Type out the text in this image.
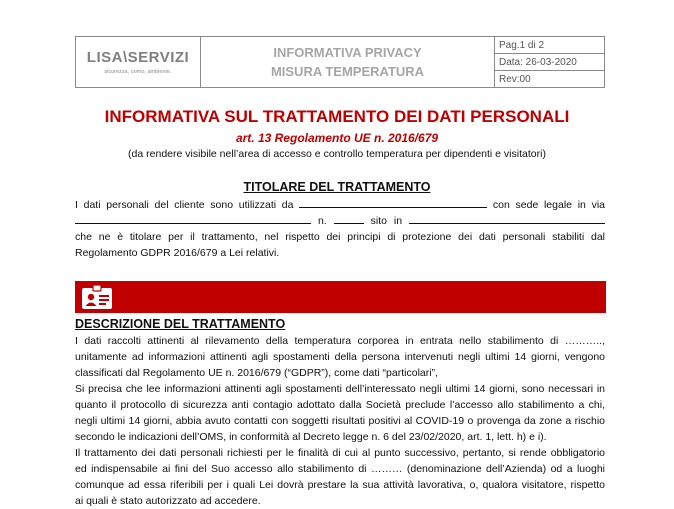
LISA\SERVIZI
sicurezza, uomo, ambiente.
INFORMATIVA PRIVACY
MISURA TEMPERATURA
Pag.1 di 2
Data: 26-03-2020
Rev:00
INFORMATIVA SUL TRATTAMENTO DEI DATI PERSONALI
art. 13 Regolamento UE n. 2016/679
(da rendere visibile nell’area di accesso e controllo temperatura per dipendenti e visitatori)
TITOLARE DEL TRATTAMENTO
I dati personali del cliente sono utilizzati da	con sede legale in via
n.	sito in
che ne è titolare per il trattamento, nel rispetto dei principi di protezione dei dati personali stabiliti dal
Regolamento GDPR 2016/679 a Lei relativi.
DESCRIZIONE DEL TRATTAMENTO
I dati raccolti attinenti al rilevamento della temperatura corporea in entrata nello stabilimento di ………..,
unitamente ad informazioni attinenti agli spostamenti della persona intervenuti negli ultimi 14 giorni, vengono
classificati dal Regolamento UE n. 2016/679 (“GDPR”), come dati “particolari”,
Si precisa che lee informazioni attinenti agli spostamenti dell’interessato negli ultimi 14 giorni, sono necessari in
quanto il protocollo di sicurezza anti contagio adottato dalla Società preclude l’accesso allo stabilimento a chi,
negli ultimi 14 giorni, abbia avuto contatti con soggetti risultati positivi al COVID-19 o provenga da zone a rischio
secondo le indicazioni dell’OMS, in conformità al Decreto legge n. 6 del 23/02/2020, art. 1, lett. h) e i).
Il trattamento dei dati personali richiesti per le finalità di cui al punto successivo, pertanto, si rende obbligatorio
ed indispensabile ai fini del Suo accesso allo stabilimento di ……… (denominazione dell’Azienda) od a luoghi
comunque ad essa riferibili per i quali Lei dovrà prestare la sua attività lavorativa, o, qualora visitatore, rispetto
ai quali è stato autorizzato ad accedere.
